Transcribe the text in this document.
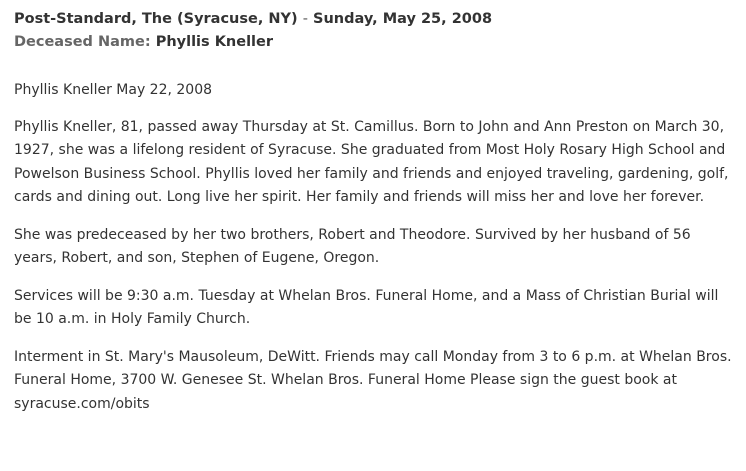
Post-Standard, The (Syracuse, NY) - Sunday, May 25, 2008
Deceased Name: Phyllis Kneller

Phyllis Kneller May 22, 2008

Phyllis Kneller, 81, passed away Thursday at St. Camillus. Born to John and Ann Preston on March 30, 1927, she was a lifelong resident of Syracuse. She graduated from Most Holy Rosary High School and Powelson Business School. Phyllis loved her family and friends and enjoyed traveling, gardening, golf, cards and dining out. Long live her spirit. Her family and friends will miss her and love her forever.

She was predeceased by her two brothers, Robert and Theodore. Survived by her husband of 56 years, Robert, and son, Stephen of Eugene, Oregon.

Services will be 9:30 a.m. Tuesday at Whelan Bros. Funeral Home, and a Mass of Christian Burial will be 10 a.m. in Holy Family Church.

Interment in St. Mary's Mausoleum, DeWitt. Friends may call Monday from 3 to 6 p.m. at Whelan Bros. Funeral Home, 3700 W. Genesee St. Whelan Bros. Funeral Home Please sign the guest book at syracuse.com/obits
